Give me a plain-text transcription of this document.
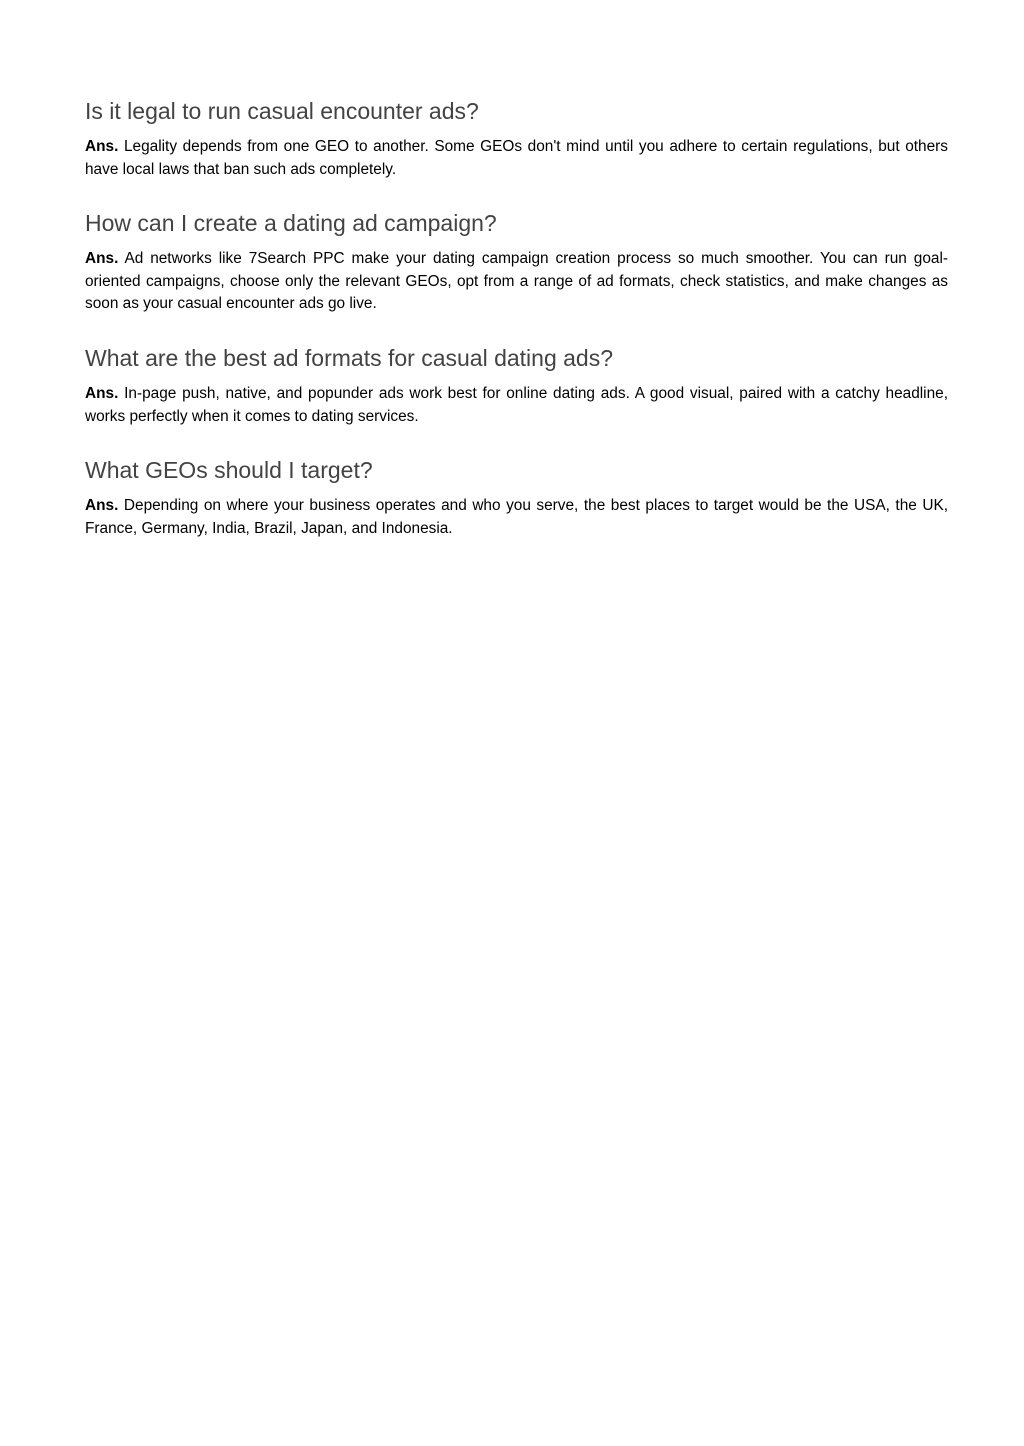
Is it legal to run casual encounter ads?

Ans. Legality depends from one GEO to another. Some GEOs don't mind until you adhere to certain regulations, but others have local laws that ban such ads completely.

How can I create a dating ad campaign?

Ans. Ad networks like 7Search PPC make your dating campaign creation process so much smoother. You can run goal-oriented campaigns, choose only the relevant GEOs, opt from a range of ad formats, check statistics, and make changes as soon as your casual encounter ads go live.

What are the best ad formats for casual dating ads?

Ans. In-page push, native, and popunder ads work best for online dating ads. A good visual, paired with a catchy headline, works perfectly when it comes to dating services.

What GEOs should I target?

Ans. Depending on where your business operates and who you serve, the best places to target would be the USA, the UK, France, Germany, India, Brazil, Japan, and Indonesia.
